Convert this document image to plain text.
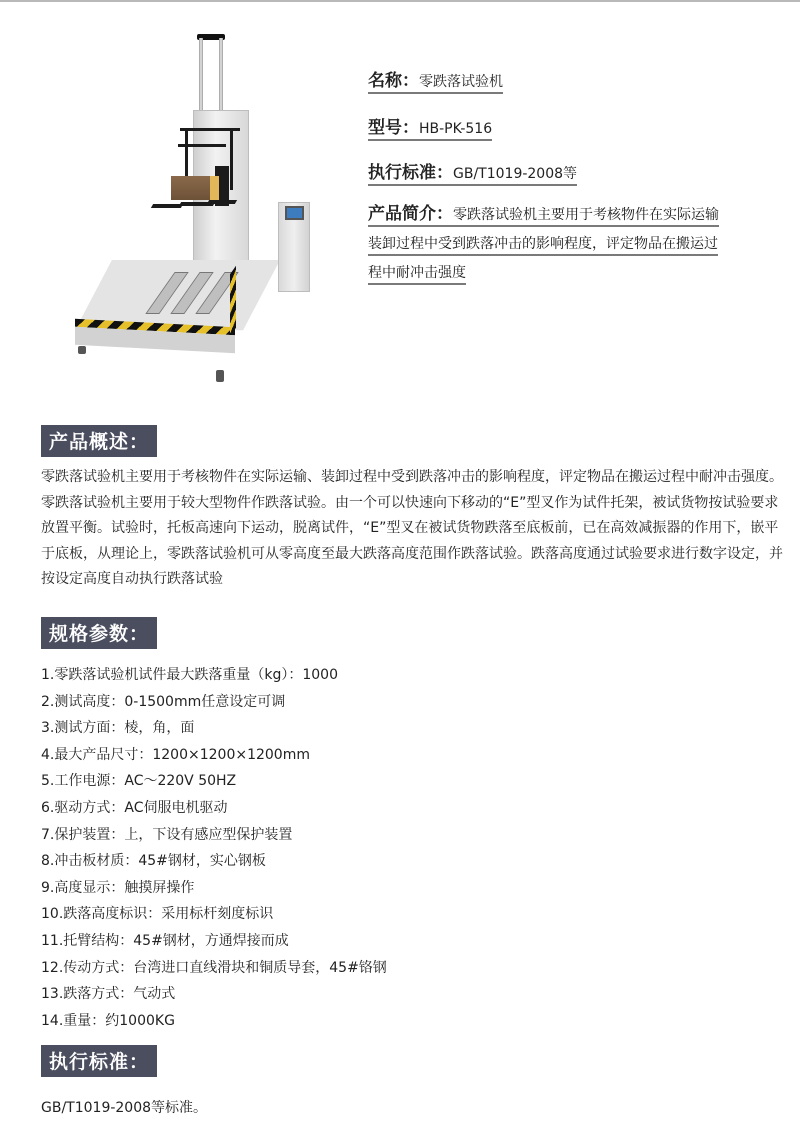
名称：零跌落试验机
型号：HB-PK-516
执行标准：GB/T1019-2008等
产品简介：零跌落试验机主要用于考核物件在实际运输
装卸过程中受到跌落冲击的影响程度，评定物品在搬运过
程中耐冲击强度
产品概述：
零跌落试验机主要用于考核物件在实际运输、装卸过程中受到跌落冲击的影响程度，评定物品在搬运过程中耐冲击强度。零跌落试验机主要用于较大型物件作跌落试验。由一个可以快速向下移动的“E”型叉作为试件托架，被试货物按试验要求放置平衡。试验时，托板高速向下运动，脱离试件，“E”型叉在被试货物跌落至底板前，已在高效减振器的作用下，嵌平于底板，从理论上，零跌落试验机可从零高度至最大跌落高度范围作跌落试验。跌落高度通过试验要求进行数字设定，并按设定高度自动执行跌落试验
规格参数：
1.零跌落试验机试件最大跌落重量（kg）：1000
2.测试高度：0-1500mm任意设定可调
3.测试方面：棱，角，面
4.最大产品尺寸：1200×1200×1200mm
5.工作电源：AC～220V 50HZ
6.驱动方式：AC伺服电机驱动
7.保护装置：上，下设有感应型保护装置
8.冲击板材质：45#钢材，实心钢板
9.高度显示：触摸屏操作
10.跌落高度标识：采用标杆刻度标识
11.托臂结构：45#钢材，方通焊接而成
12.传动方式：台湾进口直线滑块和铜质导套，45#铬钢
13.跌落方式：气动式
14.重量：约1000KG
执行标准：
GB/T1019-2008等标准。
